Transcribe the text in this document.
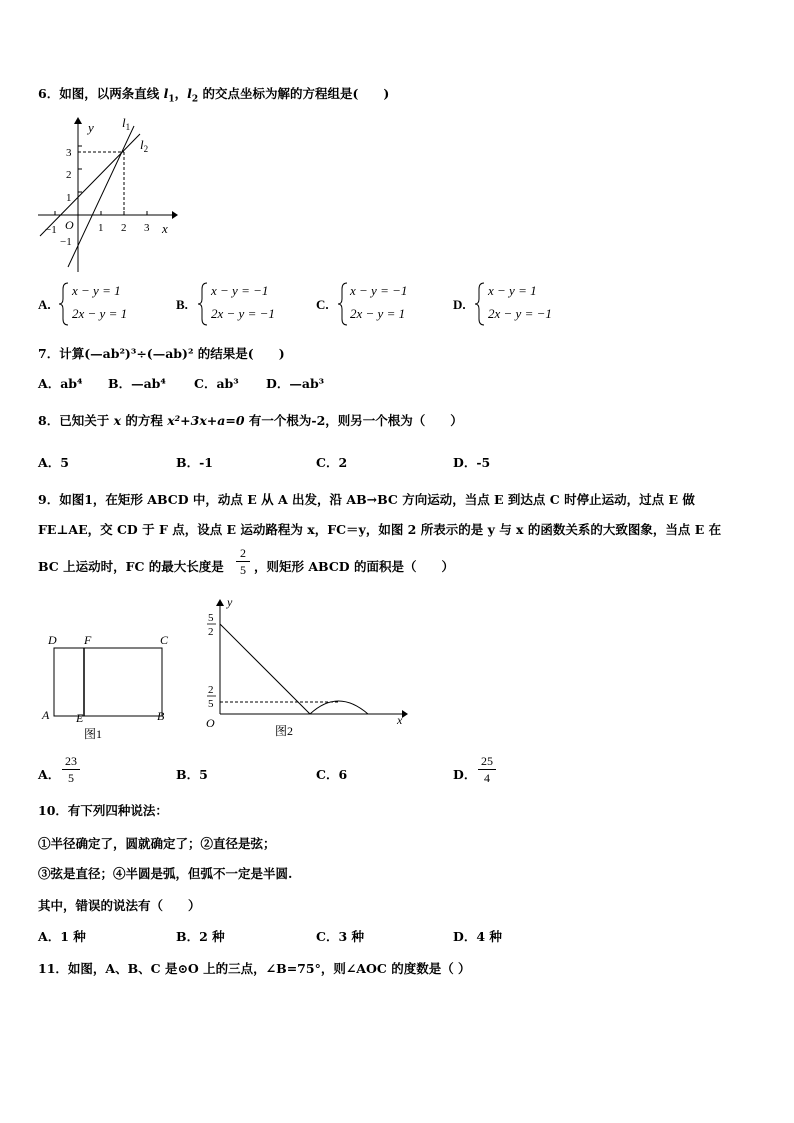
6．如图，以两条直线 $l_1$，$l_2$ 的交点坐标为解的方程组是(　　)
y
x
O
$l_1$
$l_2$
3
2
1
−1
−1	1 2 3
A.
x − y = 1
2x − y = 1
B.
x − y = −1
2x − y = −1
C.
x − y = −1
2x − y = 1
D.
x − y = 1
2x − y = −1
7．计算(—ab²)³÷(—ab)² 的结果是(　　)
A．ab⁴ B．—ab⁴ C．ab³ D．—ab³
8．已知关于 x 的方程 x²+3x+a=0 有一个根为-2，则另一个根为（　　）
A．5	B．-1	C．2	D．-5
9．如图1，在矩形 ABCD 中，动点 E 从 A 出发，沿 AB→BC 方向运动，当点 E 到达点 C 时停止运动，过点 E 做
FE⊥AE，交 CD 于 F 点，设点 E 运动路程为 x，FC＝y，如图 2 所表示的是 y 与 x 的函数关系的大致图象，当点 E 在
BC 上运动时，FC 的最大长度是
2
5 ，则矩形 ABCD 的面积是（　　）
D F	C
A E	B
图1
y
x
O
5
2
2
5
图2
A．
23
5	B．5	C．6	D．
25
4
10．有下列四种说法：
①半径确定了，圆就确定了；②直径是弦；
③弦是直径；④半圆是弧，但弧不一定是半圆.
其中，错误的说法有（　　）
A．1 种	B．2 种	C．3 种	D．4 种
11．如图，A、B、C 是⊙O 上的三点，∠B=75°，则∠AOC 的度数是（ ）
